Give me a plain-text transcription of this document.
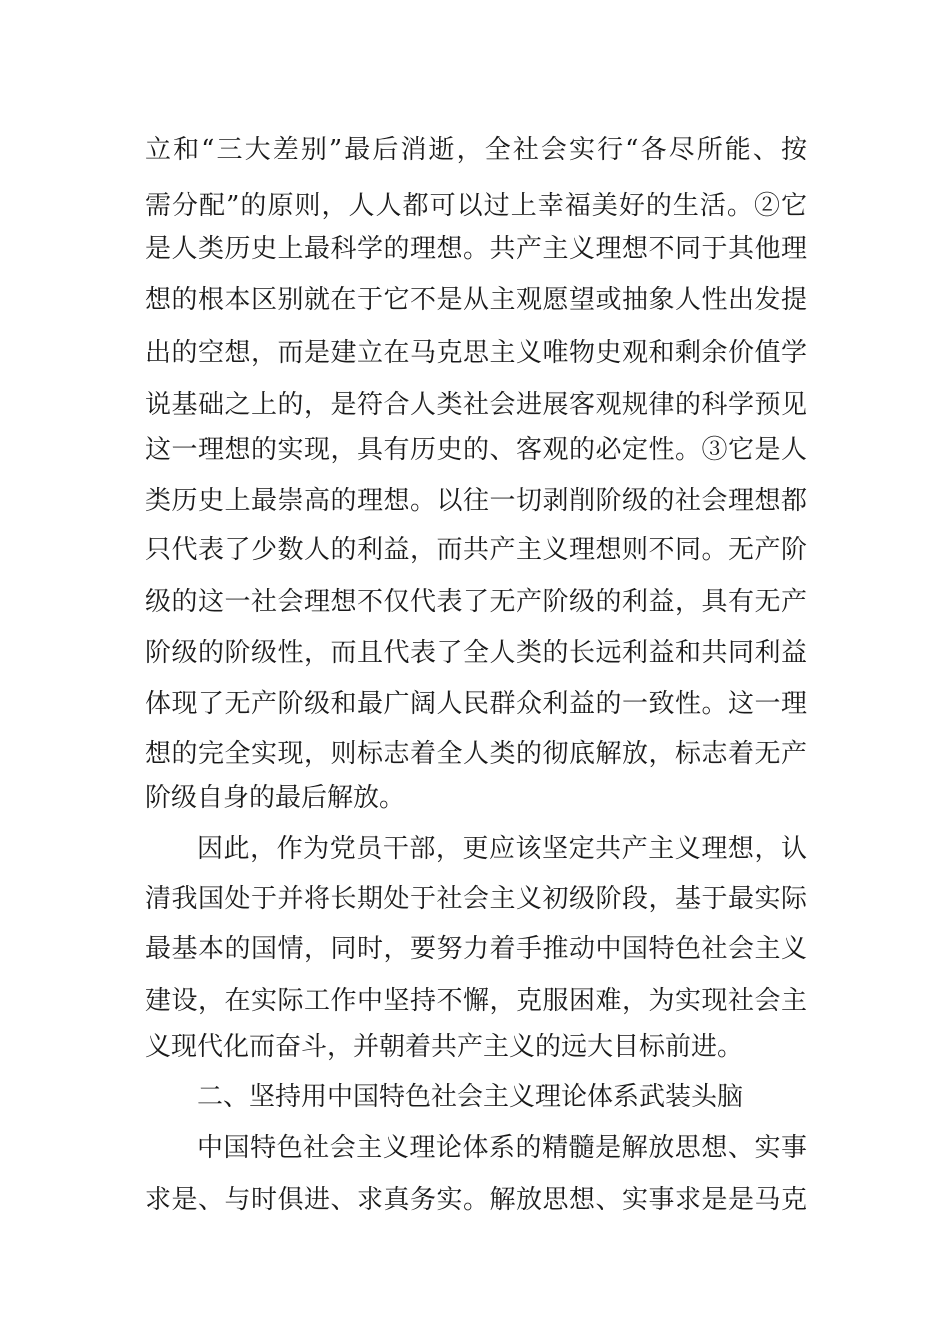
立和“三大差别”最后消逝，全社会实行“各尽所能、按
需分配”的原则，人人都可以过上幸福美好的生活。②它
是人类历史上最科学的理想。共产主义理想不同于其他理
想的根本区别就在于它不是从主观愿望或抽象人性出发提
出的空想，而是建立在马克思主义唯物史观和剩余价值学
说基础之上的，是符合人类社会进展客观规律的科学预见
这一理想的实现，具有历史的、客观的必定性。③它是人
类历史上最崇高的理想。以往一切剥削阶级的社会理想都
只代表了少数人的利益，而共产主义理想则不同。无产阶
级的这一社会理想不仅代表了无产阶级的利益，具有无产
阶级的阶级性，而且代表了全人类的长远利益和共同利益
体现了无产阶级和最广阔人民群众利益的一致性。这一理
想的完全实现，则标志着全人类的彻底解放，标志着无产
阶级自身的最后解放。
因此，作为党员干部，更应该坚定共产主义理想，认
清我国处于并将长期处于社会主义初级阶段，基于最实际
最基本的国情，同时，要努力着手推动中国特色社会主义
建设，在实际工作中坚持不懈，克服困难，为实现社会主
义现代化而奋斗，并朝着共产主义的远大目标前进。
二、坚持用中国特色社会主义理论体系武装头脑
中国特色社会主义理论体系的精髓是解放思想、实事
求是、与时俱进、求真务实。解放思想、实事求是是马克
